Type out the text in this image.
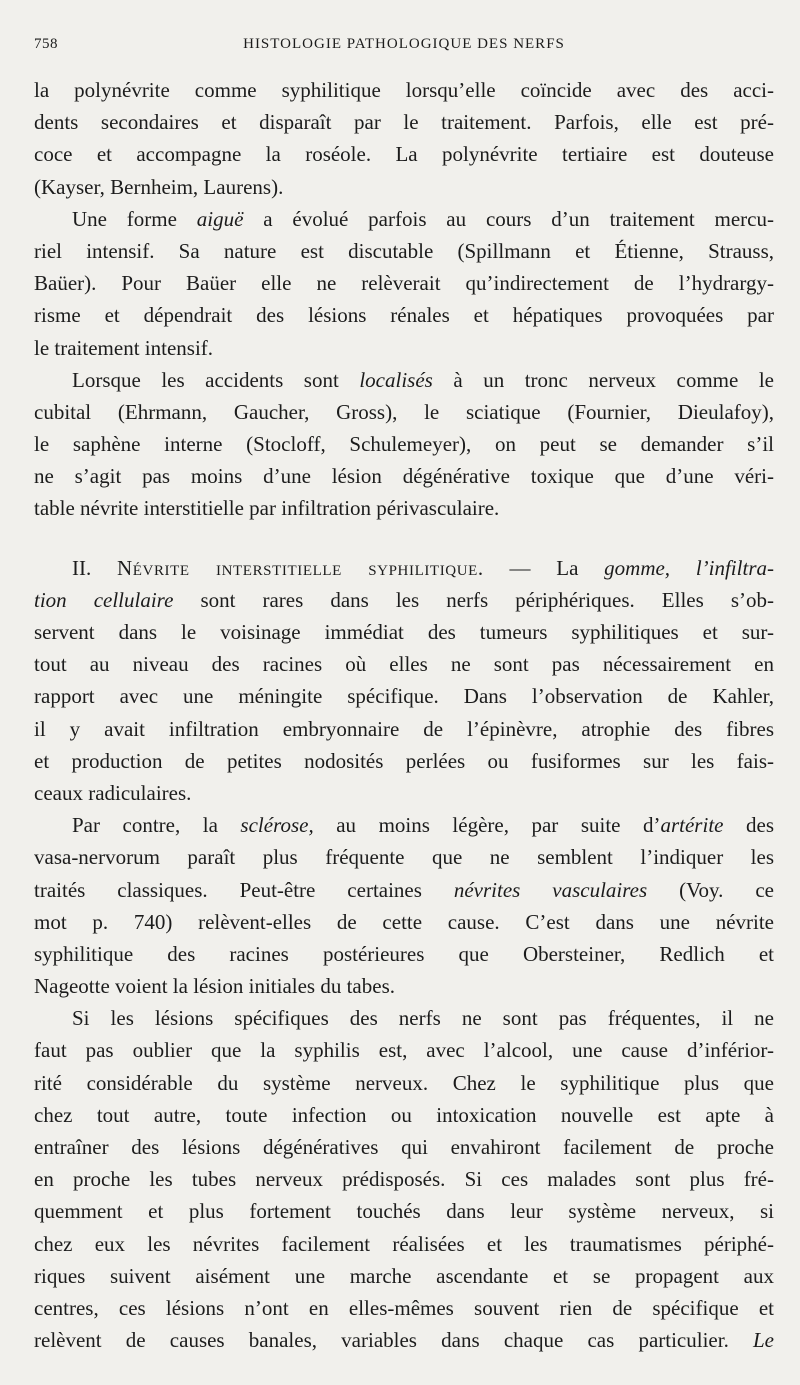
758	HISTOLOGIE PATHOLOGIQUE DES NERFS
la polynévrite comme syphilitique lorsqu’elle coïncide avec des acci-
dents secondaires et disparaît par le traitement. Parfois, elle est pré-
coce et accompagne la roséole. La polynévrite tertiaire est douteuse
(Kayser, Bernheim, Laurens).
Une forme aiguë a évolué parfois au cours d’un traitement mercu-
riel intensif. Sa nature est discutable (Spillmann et Étienne, Strauss,
Baüer). Pour Baüer elle ne relèverait qu’indirectement de l’hydrargy-
risme et dépendrait des lésions rénales et hépatiques provoquées par
le traitement intensif.
Lorsque les accidents sont localisés à un tronc nerveux comme le
cubital (Ehrmann, Gaucher, Gross), le sciatique (Fournier, Dieulafoy),
le saphène interne (Stocloff, Schulemeyer), on peut se demander s’il
ne s’agit pas moins d’une lésion dégénérative toxique que d’une véri-
table névrite interstitielle par infiltration périvasculaire.
II. Névrite interstitielle syphilitique. — La gomme, l’infiltra-
tion cellulaire sont rares dans les nerfs périphériques. Elles s’ob-
servent dans le voisinage immédiat des tumeurs syphilitiques et sur-
tout au niveau des racines où elles ne sont pas nécessairement en
rapport avec une méningite spécifique. Dans l’observation de Kahler,
il y avait infiltration embryonnaire de l’épinèvre, atrophie des fibres
et production de petites nodosités perlées ou fusiformes sur les fais-
ceaux radiculaires.
Par contre, la sclérose, au moins légère, par suite d’artérite des
vasa-nervorum paraît plus fréquente que ne semblent l’indiquer les
traités classiques. Peut-être certaines névrites vasculaires (Voy. ce
mot p. 740) relèvent-elles de cette cause. C’est dans une névrite
syphilitique des racines postérieures que Obersteiner, Redlich et
Nageotte voient la lésion initiales du tabes.
Si les lésions spécifiques des nerfs ne sont pas fréquentes, il ne
faut pas oublier que la syphilis est, avec l’alcool, une cause d’inférior-
rité considérable du système nerveux. Chez le syphilitique plus que
chez tout autre, toute infection ou intoxication nouvelle est apte à
entraîner des lésions dégénératives qui envahiront facilement de proche
en proche les tubes nerveux prédisposés. Si ces malades sont plus fré-
quemment et plus fortement touchés dans leur système nerveux, si
chez eux les névrites facilement réalisées et les traumatismes périphé-
riques suivent aisément une marche ascendante et se propagent aux
centres, ces lésions n’ont en elles-mêmes souvent rien de spécifique et
relèvent de causes banales, variables dans chaque cas particulier. Le
